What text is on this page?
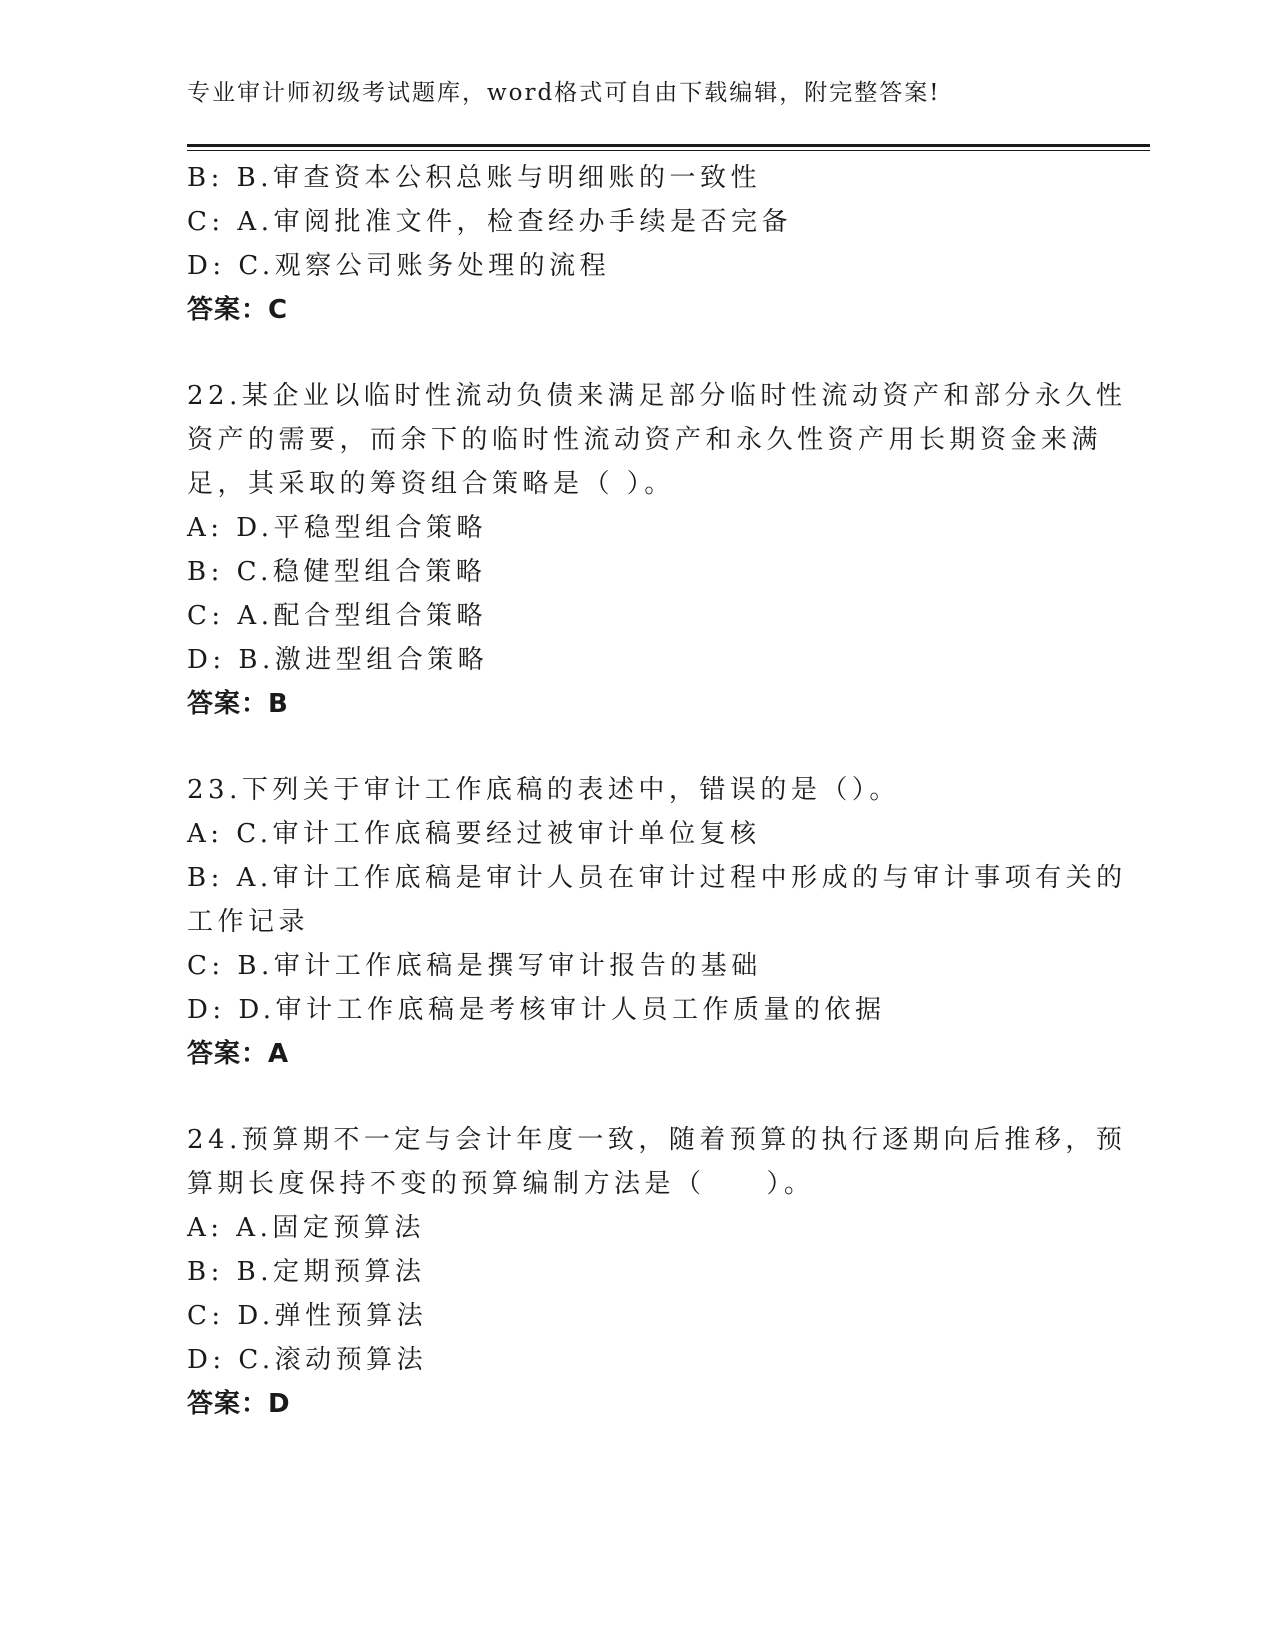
专业审计师初级考试题库，word格式可自由下载编辑，附完整答案!
B: B.审查资本公积总账与明细账的一致性
C: A.审阅批准文件，检查经办手续是否完备
D: C.观察公司账务处理的流程
答案：C
22.某企业以临时性流动负债来满足部分临时性流动资产和部分永久性
资产的需要，而余下的临时性流动资产和永久性资产用长期资金来满
足，其采取的筹资组合策略是（ ）。
A: D.平稳型组合策略
B: C.稳健型组合策略
C: A.配合型组合策略
D: B.激进型组合策略
答案：B
23.下列关于审计工作底稿的表述中，错误的是（）。
A: C.审计工作底稿要经过被审计单位复核
B: A.审计工作底稿是审计人员在审计过程中形成的与审计事项有关的
工作记录
C: B.审计工作底稿是撰写审计报告的基础
D: D.审计工作底稿是考核审计人员工作质量的依据
答案：A
24.预算期不一定与会计年度一致，随着预算的执行逐期向后推移，预
算期长度保持不变的预算编制方法是（　　）。
A: A.固定预算法
B: B.定期预算法
C: D.弹性预算法
D: C.滚动预算法
答案：D
